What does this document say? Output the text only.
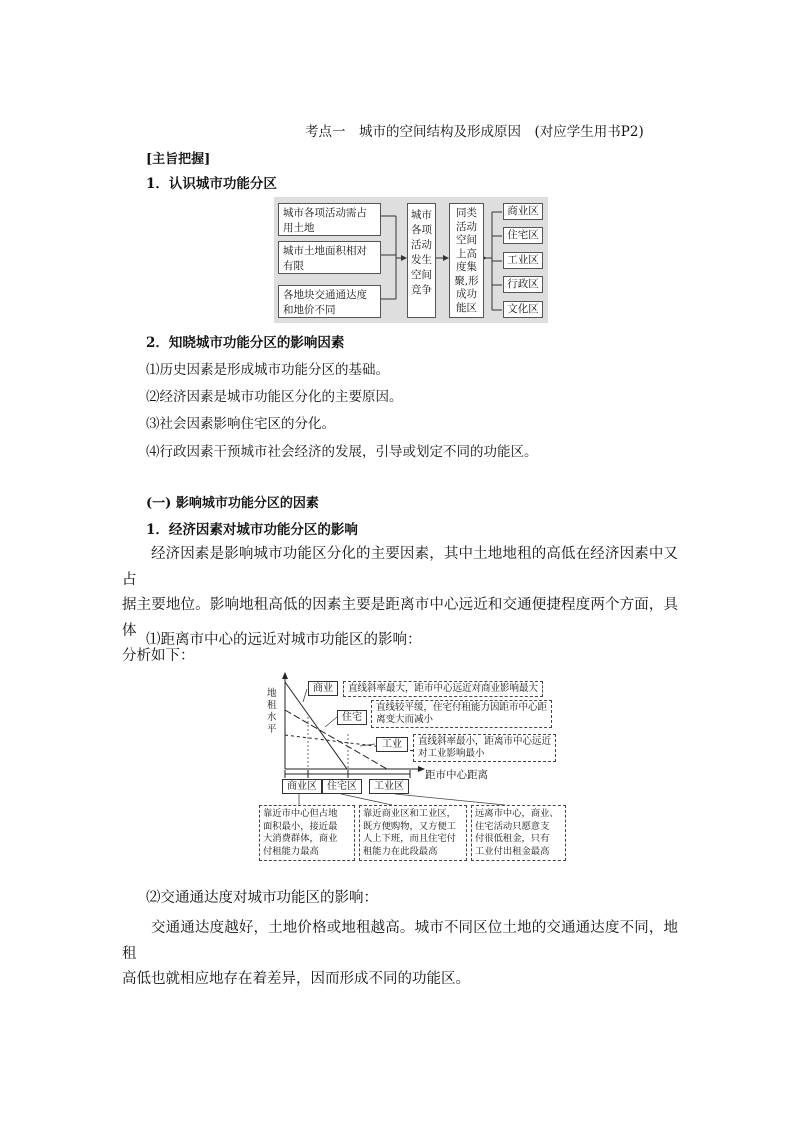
考点一　城市的空间结构及形成原因　(对应学生用书P2)
[主旨把握]
1．认识城市功能分区
城市各项活动需占用土地
城市土地面积相对有限
各地块交通通达度和地价不同
城市
各项
活动
发生
空间
竞争
同类
活动
空间
上高
度集
聚,形
成功
能区
商业区
住宅区
工业区
行政区
文化区
2．知晓城市功能分区的影响因素
⑴历史因素是形成城市功能分区的基础。
⑵经济因素是城市功能区分化的主要原因。
⑶社会因素影响住宅区的分化。
⑷行政因素干预城市社会经济的发展，引导或划定不同的功能区。
(一) 影响城市功能分区的因素
1．经济因素对城市功能分区的影响
经济因素是影响城市功能区分化的主要因素，其中土地地租的高低在经济因素中又占
据主要地位。影响地租高低的因素主要是距离市中心远近和交通便捷程度两个方面，具体
分析如下：
⑴距离市中心的远近对城市功能区的影响：
地
租
水
平
距市中心距离
商业	直线斜率最大，距市中心远近对商业影响最大
住宅
直线较平缓，住宅付租能力因距市中心距
离变大而减小
工业	直线斜率最小，距离市中心远近
对工业影响最小
商业区	住宅区	工业区
靠近市中心但占地
面积最小，接近最
大消费群体，商业
付租能力最高
靠近商业区和工业区，
既方便购物，又方便工
人上下班，而且住宅付
租能力在此段最高
远离市中心，商业、
住宅活动只愿意支
付很低租金，只有
工业付出租金最高
⑵交通通达度对城市功能区的影响：
交通通达度越好，土地价格或地租越高。城市不同区位土地的交通通达度不同，地租
高低也就相应地存在着差异，因而形成不同的功能区。
